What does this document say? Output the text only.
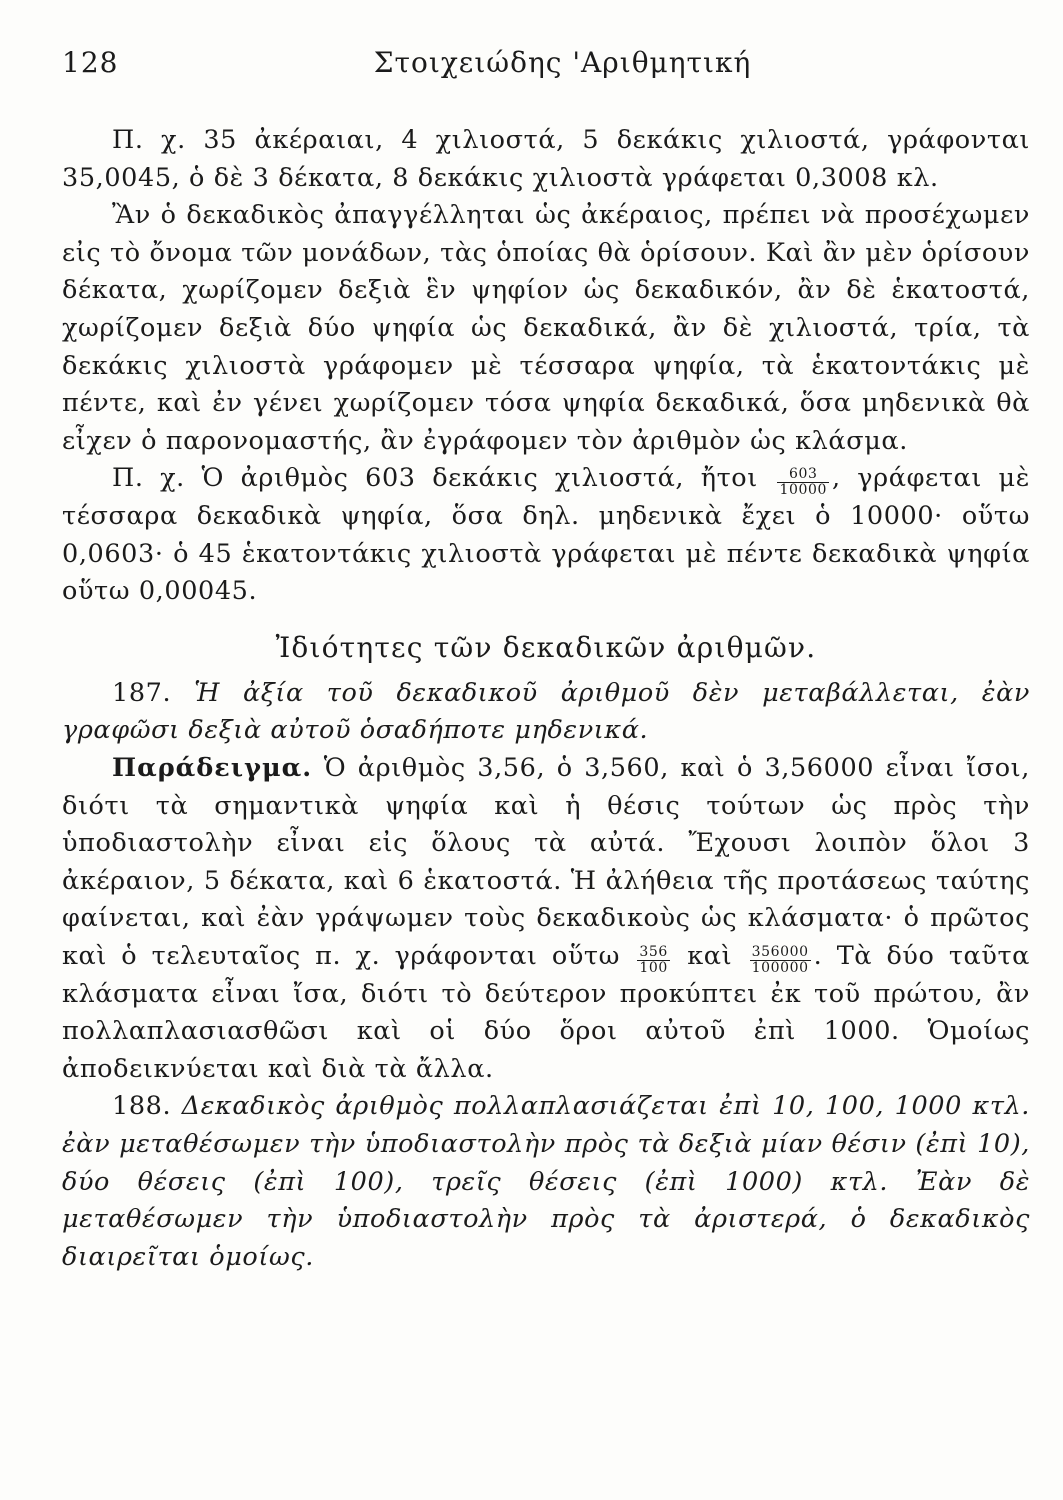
128	Στοιχειώδης 'Αριθμητική

Π. χ. 35 ἀκέραιαι, 4 χιλιοστά, 5 δεκάκις χιλιοστά, γράφονται 35,0045, ὁ δὲ 3 δέκατα, 8 δεκάκις χιλιοστὰ γράφεται 0,3008 κλ.

Ἂν ὁ δεκαδικὸς ἀπαγγέλληται ὡς ἀκέραιος, πρέπει νὰ προσέχωμεν εἰς τὸ ὄνομα τῶν μονάδων, τὰς ὁποίας θὰ ὁρίσουν. Καὶ ἂν μὲν ὁρίσουν δέκατα, χωρίζομεν δεξιὰ ἓν ψηφίον ὡς δεκαδικόν, ἂν δὲ ἑκατοστά, χωρίζομεν δεξιὰ δύο ψηφία ὡς δεκαδικά, ἂν δὲ χιλιοστά, τρία, τὰ δεκάκις χιλιοστὰ γράφομεν μὲ τέσσαρα ψηφία, τὰ ἑκατοντάκις μὲ πέντε, καὶ ἐν γένει χωρίζομεν τόσα ψηφία δεκαδικά, ὅσα μηδενικὰ θὰ εἶχεν ὁ παρονομαστής, ἂν ἐγράφομεν τὸν ἀριθμὸν ὡς κλάσμα.

Π. χ. Ὁ ἀριθμὸς 603 δεκάκις χιλιοστά, ἤτοι $\frac{603}{10000}$ , γράφεται μὲ τέσσαρα δεκαδικὰ ψηφία, ὅσα δηλ. μηδενικὰ ἔχει ὁ 10000· οὕτω 0,0603· ὁ 45 ἑκατοντάκις χιλιοστὰ γράφεται μὲ πέντε δεκαδικὰ ψηφία οὕτω 0,00045.

Ἰδιότητες τῶν δεκαδικῶν ἀριθμῶν.

187. Ἡ ἀξία τοῦ δεκαδικοῦ ἀριθμοῦ δὲν μεταβάλλεται, ἐὰν γραφῶσι δεξιὰ αὐτοῦ ὁσαδήποτε μηδενικά.

Παράδειγμα. Ὁ ἀριθμὸς 3,56, ὁ 3,560, καὶ ὁ 3,56000 εἶναι ἴσοι, διότι τὰ σημαντικὰ ψηφία καὶ ἡ θέσις τούτων ὡς πρὸς τὴν ὑποδιαστολὴν εἶναι εἰς ὅλους τὰ αὐτά. Ἔχουσι λοιπὸν ὅλοι 3 ἀκέραιον, 5 δέκατα, καὶ 6 ἑκατοστά. Ἡ ἀλήθεια τῆς προτάσεως ταύτης φαίνεται, καὶ ἐὰν γράψωμεν τοὺς δεκαδικοὺς ὡς κλάσματα· ὁ πρῶτος καὶ ὁ τελευταῖος π. χ. γράφονται οὕτω $\frac{356}{100}$ καὶ $\frac{356000}{100000}$ . Τὰ δύο ταῦτα κλάσματα εἶναι ἴσα, διότι τὸ δεύτερον προκύπτει ἐκ τοῦ πρώτου, ἂν πολλαπλασιασθῶσι καὶ οἱ δύο ὅροι αὐτοῦ ἐπὶ 1000. Ὁμοίως ἀποδεικνύεται καὶ διὰ τὰ ἄλλα.

188. Δεκαδικὸς ἀριθμὸς πολλαπλασιάζεται ἐπὶ 10, 100, 1000 κτλ. ἐὰν μεταθέσωμεν τὴν ὑποδιαστολὴν πρὸς τὰ δεξιὰ μίαν θέσιν (ἐπὶ 10), δύο θέσεις (ἐπὶ 100), τρεῖς θέσεις (ἐπὶ 1000) κτλ. Ἐὰν δὲ μεταθέσωμεν τὴν ὑποδιαστολὴν πρὸς τὰ ἀριστερά, ὁ δεκαδικὸς διαιρεῖται ὁμοίως.
